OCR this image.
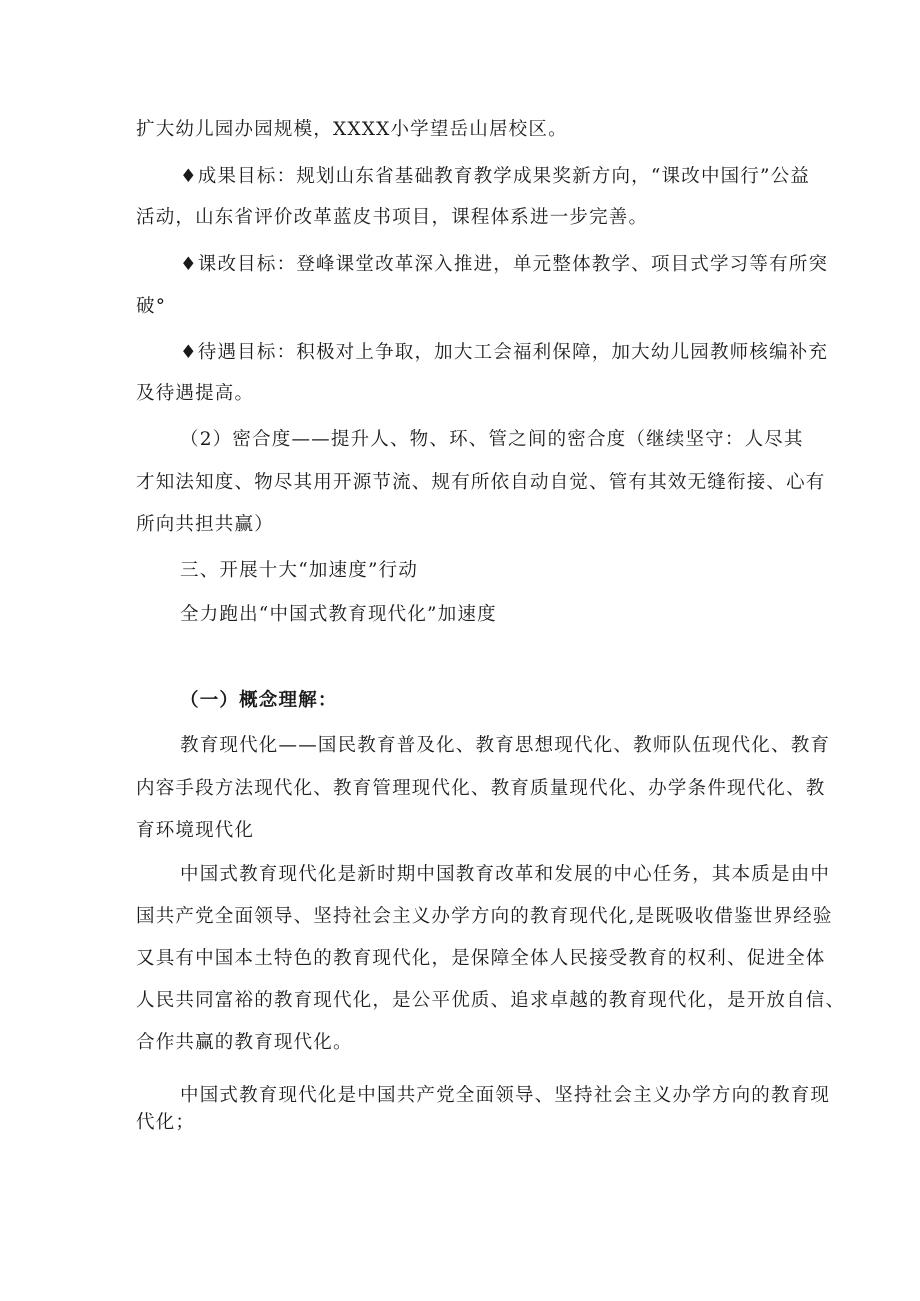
扩大幼儿园办园规模，XXXX小学望岳山居校区。
♦成果目标：规划山东省基础教育教学成果奖新方向，“课改中国行”公益
活动，山东省评价改革蓝皮书项目，课程体系进一步完善。
♦课改目标：登峰课堂改革深入推进，单元整体教学、项目式学习等有所突
破°
♦待遇目标：积极对上争取，加大工会福利保障，加大幼儿园教师核编补充
及待遇提高。
（2）密合度——提升人、物、环、管之间的密合度（继续坚守：人尽其
才知法知度、物尽其用开源节流、规有所依自动自觉、管有其效无缝衔接、心有
所向共担共赢）
三、开展十大“加速度”行动
全力跑出“中国式教育现代化”加速度
（一）概念理解：
教育现代化——国民教育普及化、教育思想现代化、教师队伍现代化、教育
内容手段方法现代化、教育管理现代化、教育质量现代化、办学条件现代化、教
育环境现代化
中国式教育现代化是新时期中国教育改革和发展的中心任务，其本质是由中
国共产党全面领导、坚持社会主义办学方向的教育现代化,是既吸收借鉴世界经验
又具有中国本土特色的教育现代化，是保障全体人民接受教育的权利、促进全体
人民共同富裕的教育现代化，是公平优质、追求卓越的教育现代化，是开放自信、
合作共赢的教育现代化。
中国式教育现代化是中国共产党全面领导、坚持社会主义办学方向的教育现
代化；
